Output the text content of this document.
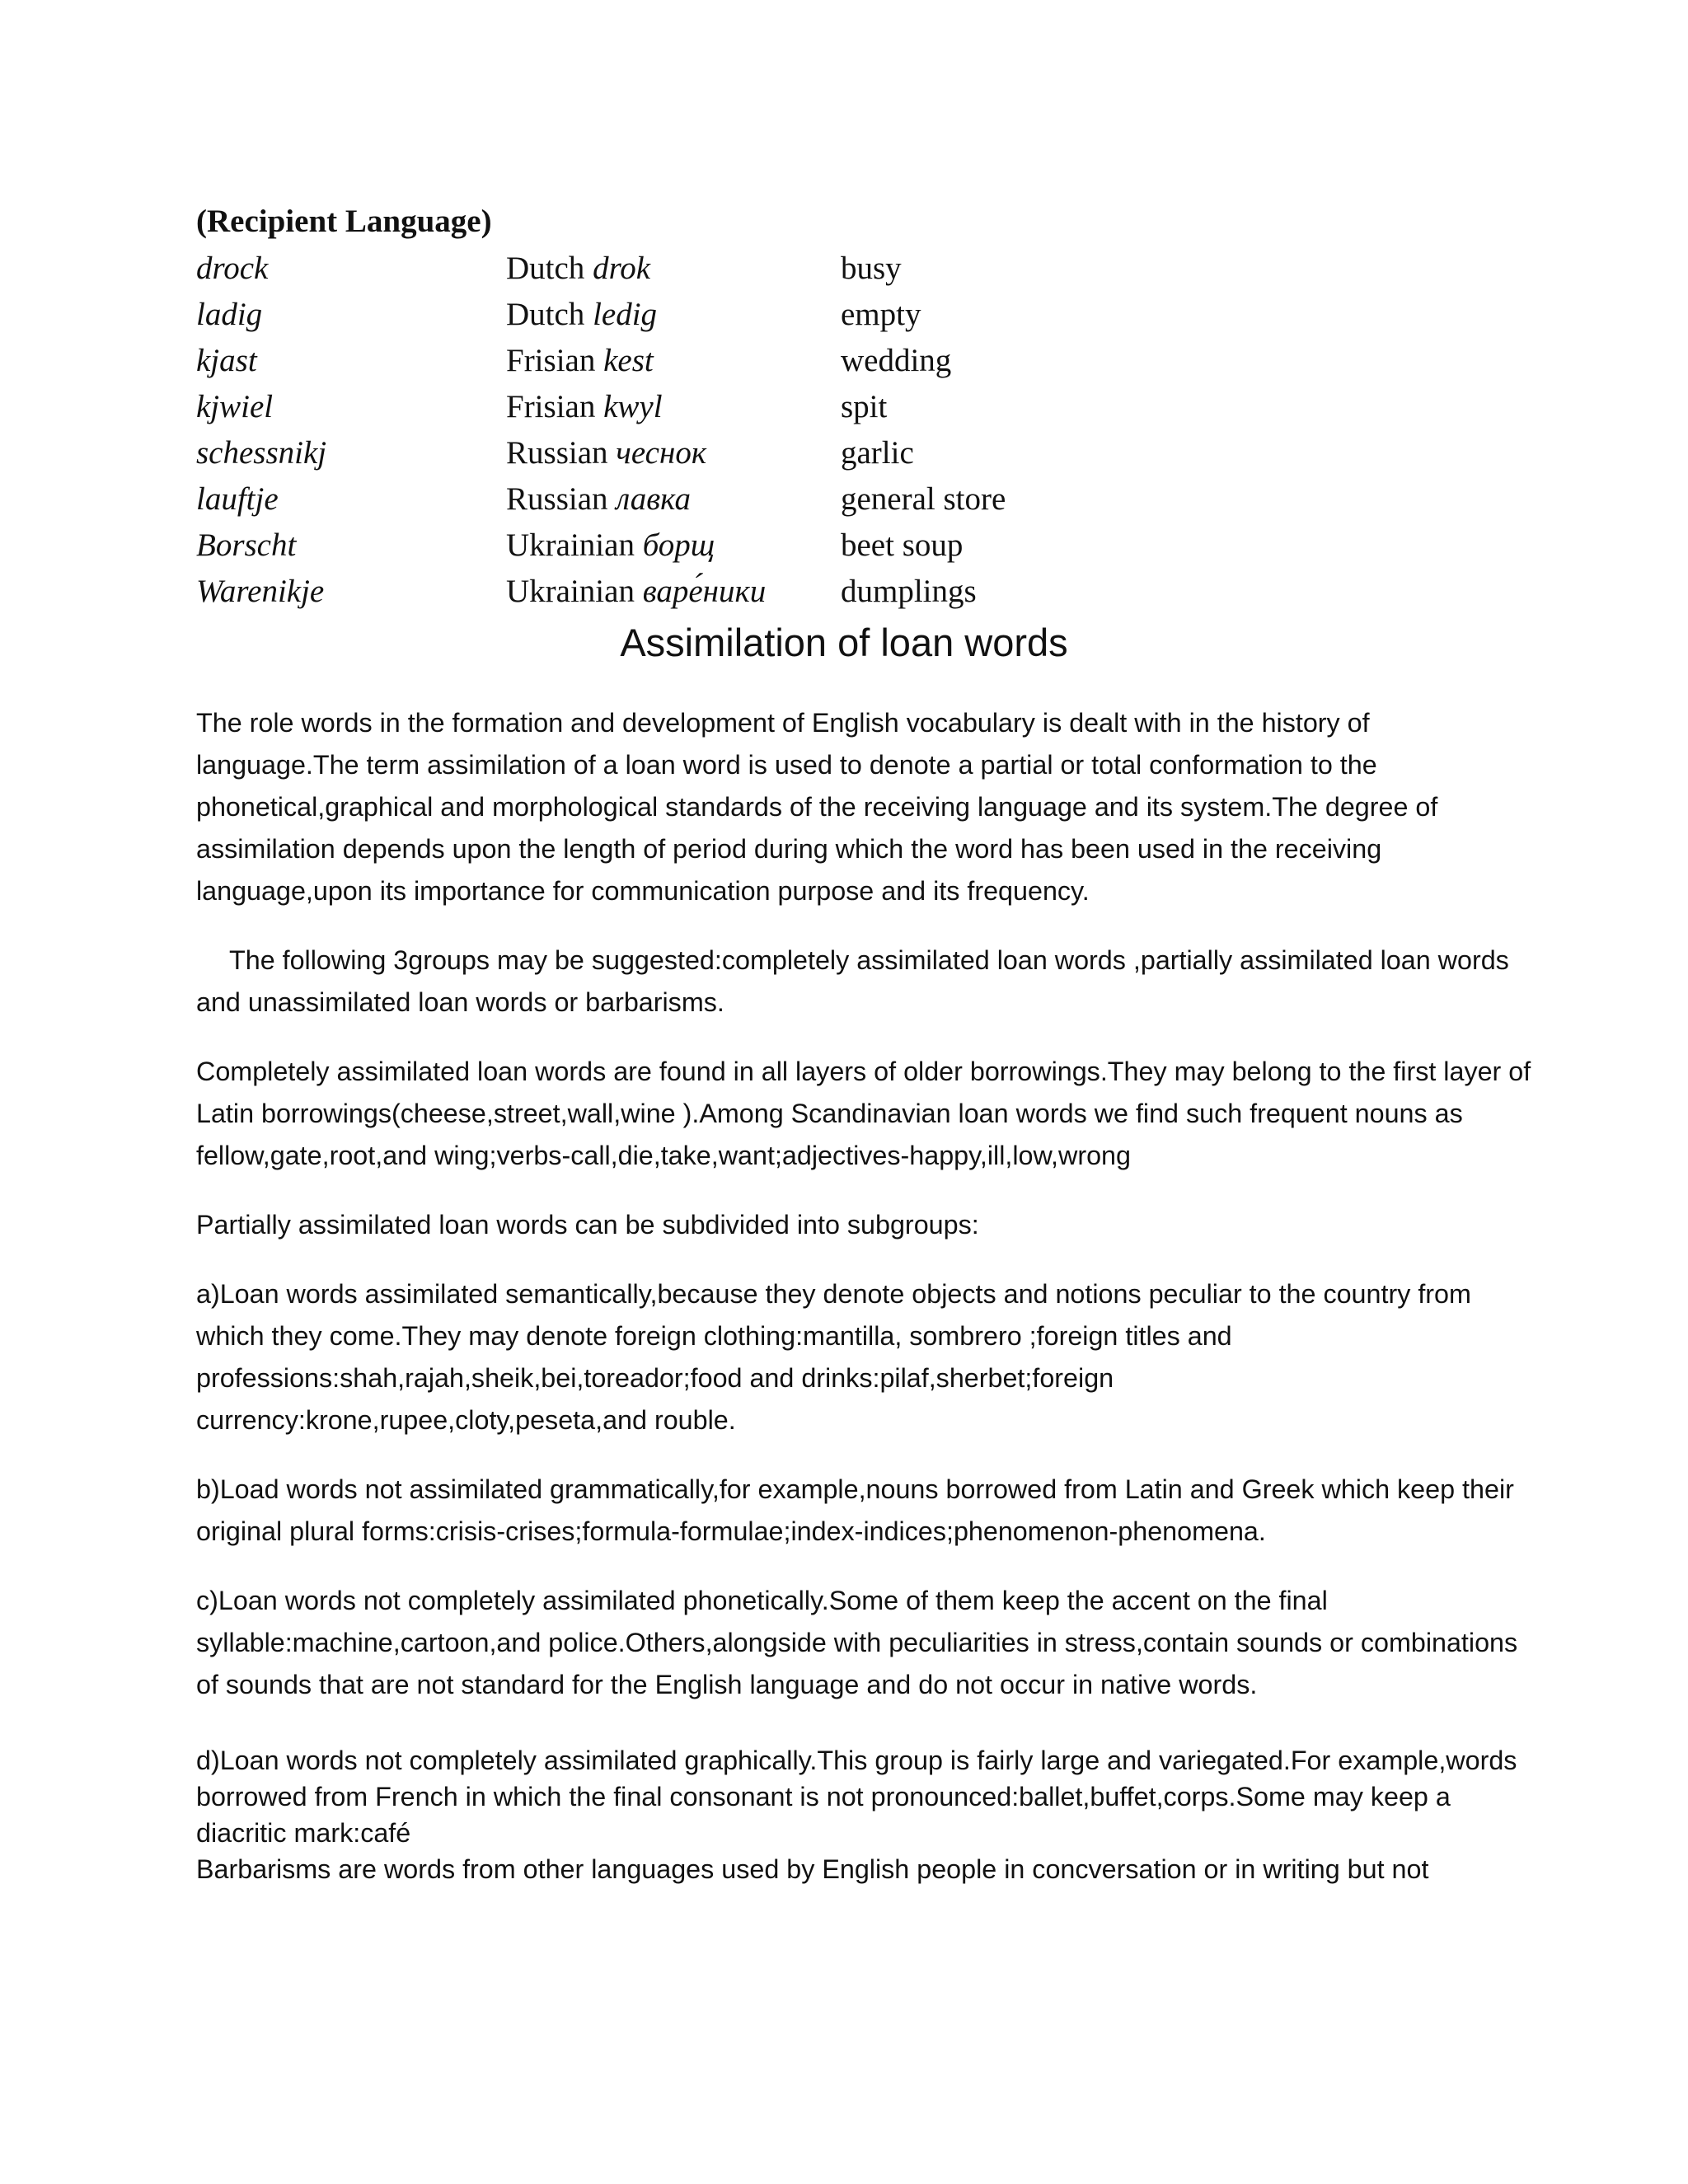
(Recipient Language)
drock	Dutch drok	busy
ladig	Dutch ledig	empty
kjast	Frisian kest	wedding
kjwiel	Frisian kwyl	spit
schessnikj	Russian чеснок	garlic
lauftje	Russian лавка	general store
Borscht	Ukrainian борщ	beet soup
Warenikje	Ukrainian варе́ники	dumplings
Assimilation of loan words

The role words in the formation and development of English vocabulary is dealt with in the history of language.The term assimilation of a loan word is used to denote a partial or total conformation to the phonetical,graphical and morphological standards of the receiving language and its system.The degree of assimilation depends upon the length of period during which the word has been used in the receiving language,upon its importance for communication purpose and its frequency.

The following 3groups may be suggested:completely assimilated loan words ,partially assimilated loan words and unassimilated loan words or barbarisms.

Completely assimilated loan words are found in all layers of older borrowings.They may belong to the first layer of Latin borrowings(cheese,street,wall,wine ).Among Scandinavian loan words we find such frequent nouns as fellow,gate,root,and wing;verbs-call,die,take,want;adjectives-happy,ill,low,wrong

Partially assimilated loan words can be subdivided into subgroups:

a)Loan words assimilated semantically,because they denote objects and notions peculiar to the country from which they come.They may denote foreign clothing:mantilla, sombrero ;foreign titles and professions:shah,rajah,sheik,bei,toreador;food and drinks:pilaf,sherbet;foreign currency:krone,rupee,cloty,peseta,and rouble.

b)Load words not assimilated grammatically,for example,nouns borrowed from Latin and Greek which keep their original plural forms:crisis-crises;formula-formulae;index-indices;phenomenon-phenomena.

c)Loan words not completely assimilated phonetically.Some of them keep the accent on the final syllable:machine,cartoon,and police.Others,alongside with peculiarities in stress,contain sounds or combinations of sounds that are not standard for the English language and do not occur in native words.

d)Loan words not completely assimilated graphically.This group is fairly large and variegated.For example,words borrowed from French in which the final consonant is not pronounced:ballet,buffet,corps.Some may keep a diacritic mark:café

Barbarisms are words from other languages used by English people in concversation or in writing but not
